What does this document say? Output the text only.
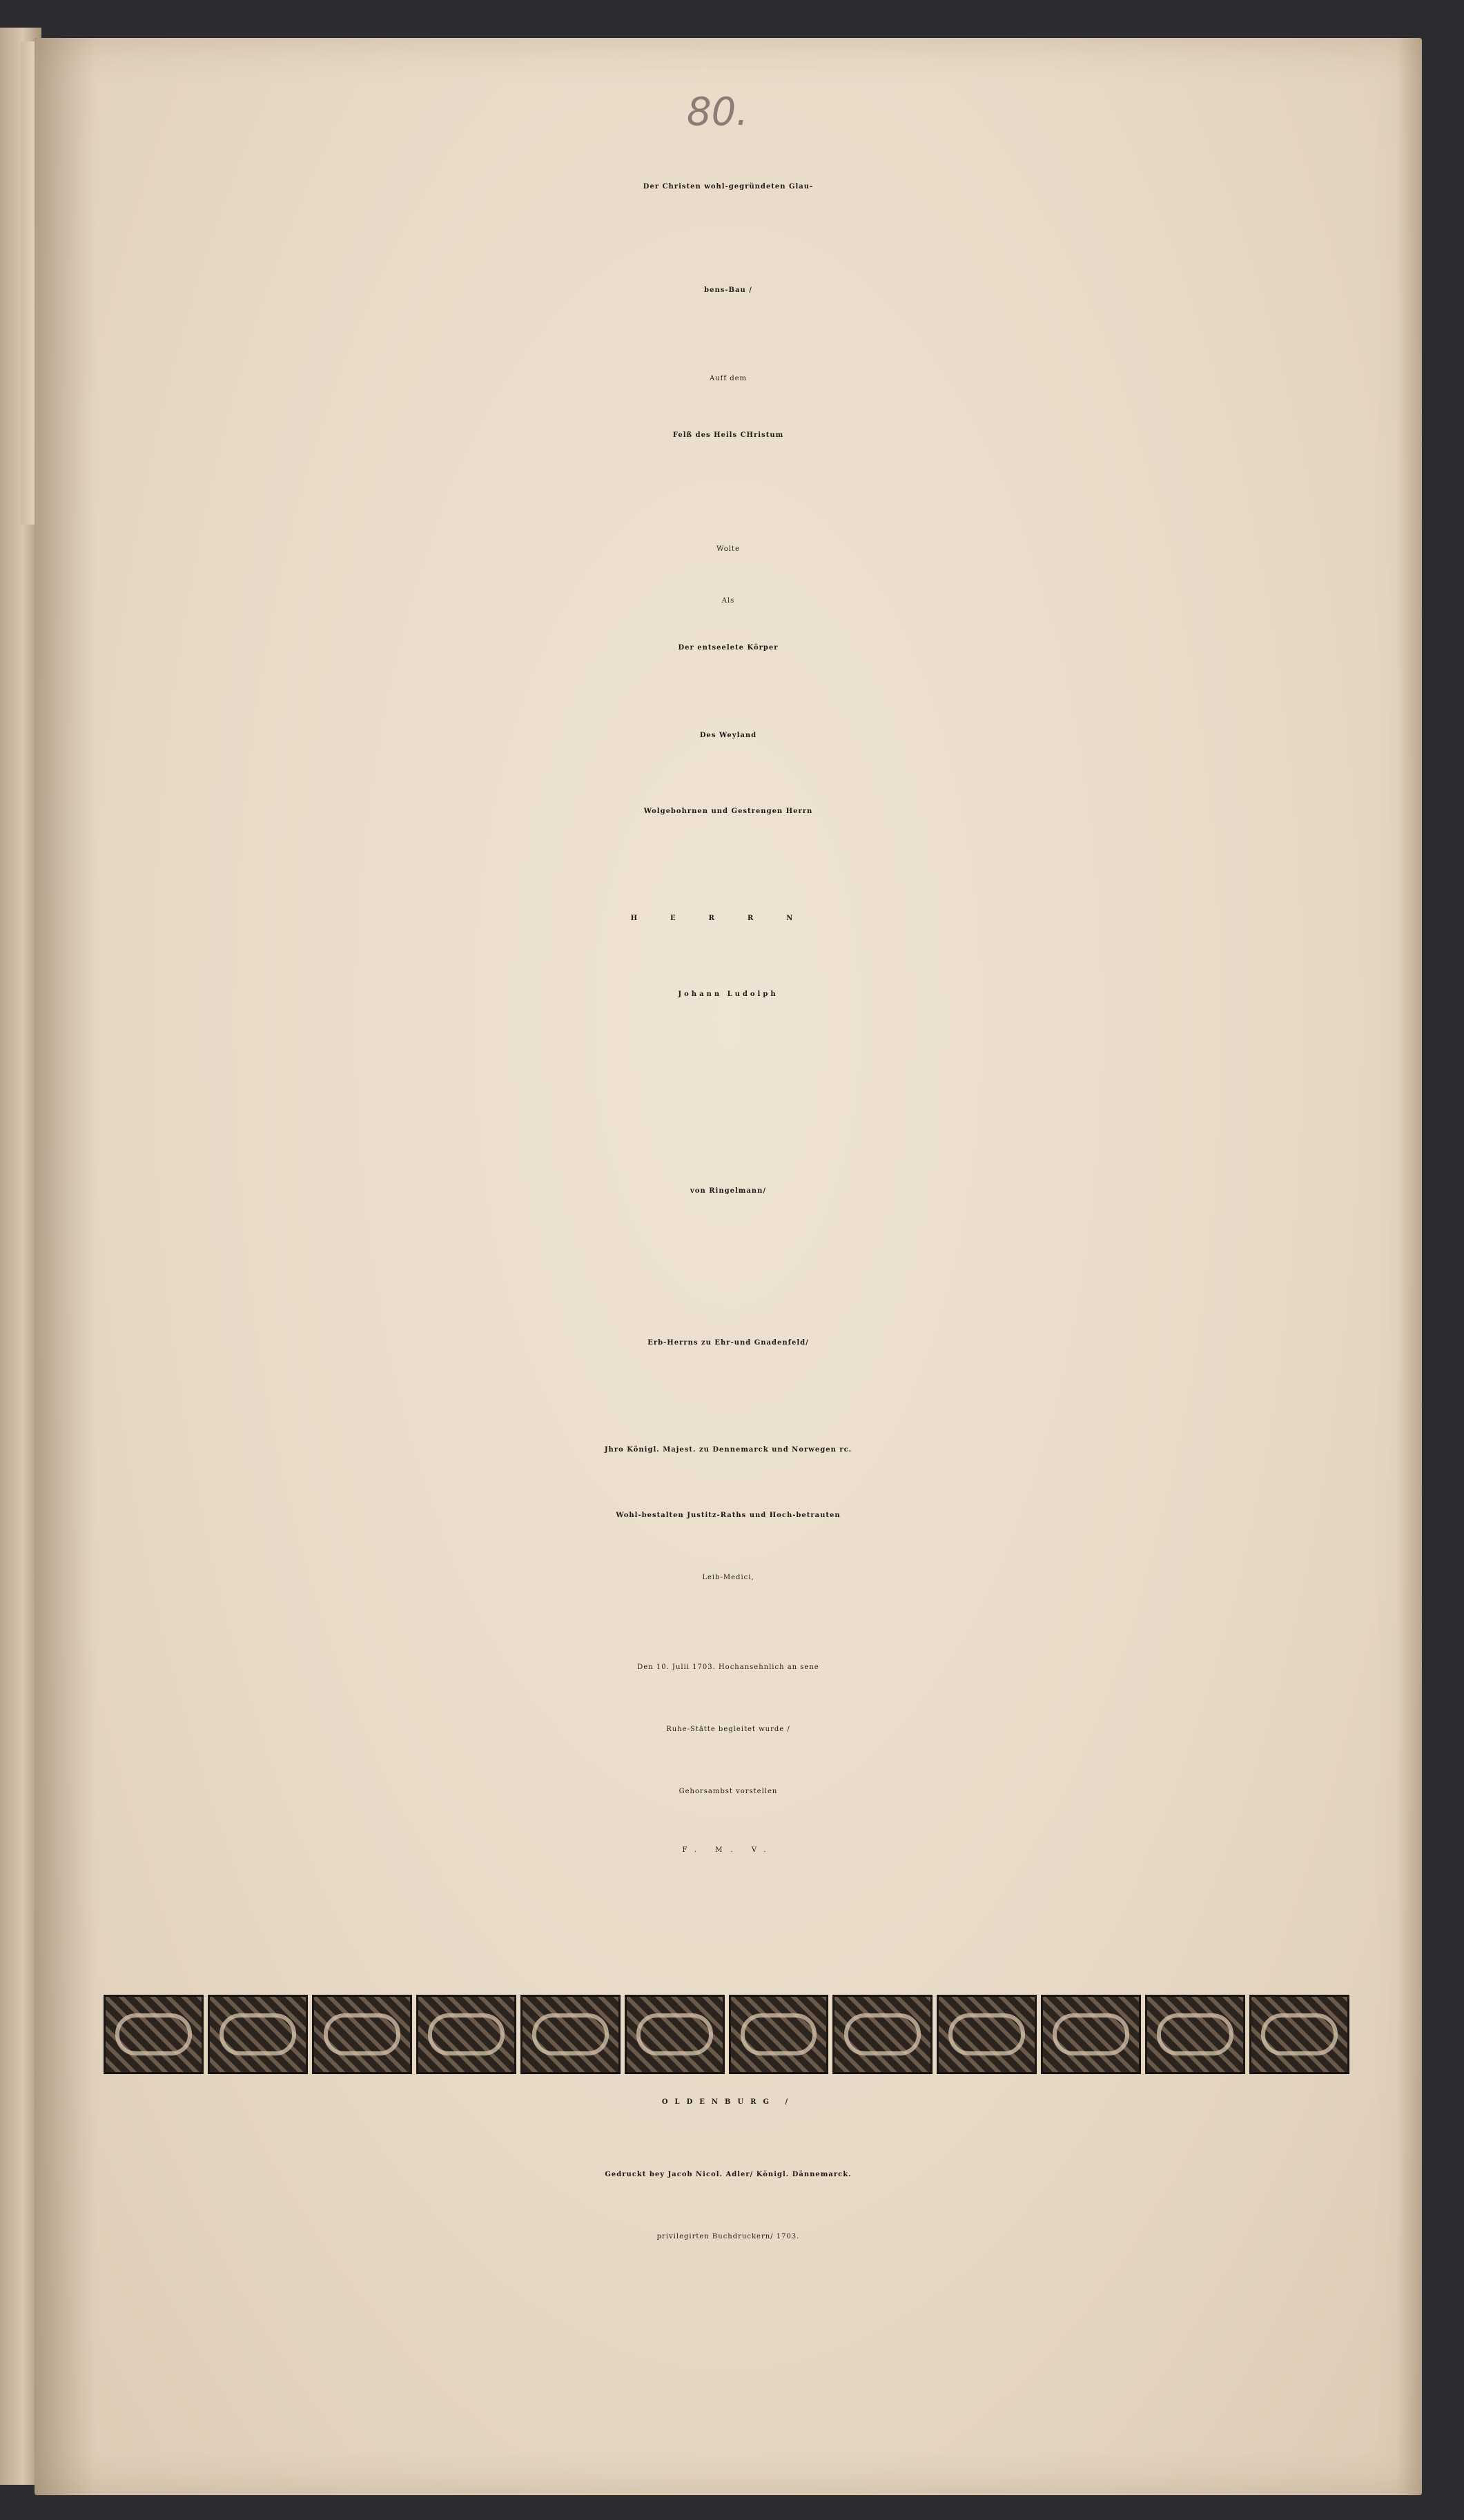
80.
Der Christen wohl-gegründeten Glau-
bens-Bau /
Auff dem
Felß des Heils CHristum
Wolte
Als
Der entseelete Körper
Des Weyland
Wolgebohrnen und Gestrengen Herrn
HERRN
Johann Ludolph
von Ringelmann/
Erb-Herrns zu Ehr-und Gnadenfeld/
Jhro Königl. Majest. zu Dennemarck und Norwegen rc.
Wohl-bestalten Justitz-Raths und Hoch-betrauten
Leib-Medici,
Den 10. Julii 1703. Hochansehnlich an sene
Ruhe-Stätte begleitet wurde /
Gehorsambst vorstellen
F. M. V.
OLDENBURG /
Gedruckt bey Jacob Nicol. Adler/ Königl. Dännemarck.
privilegirten Buchdruckern/ 1703.
